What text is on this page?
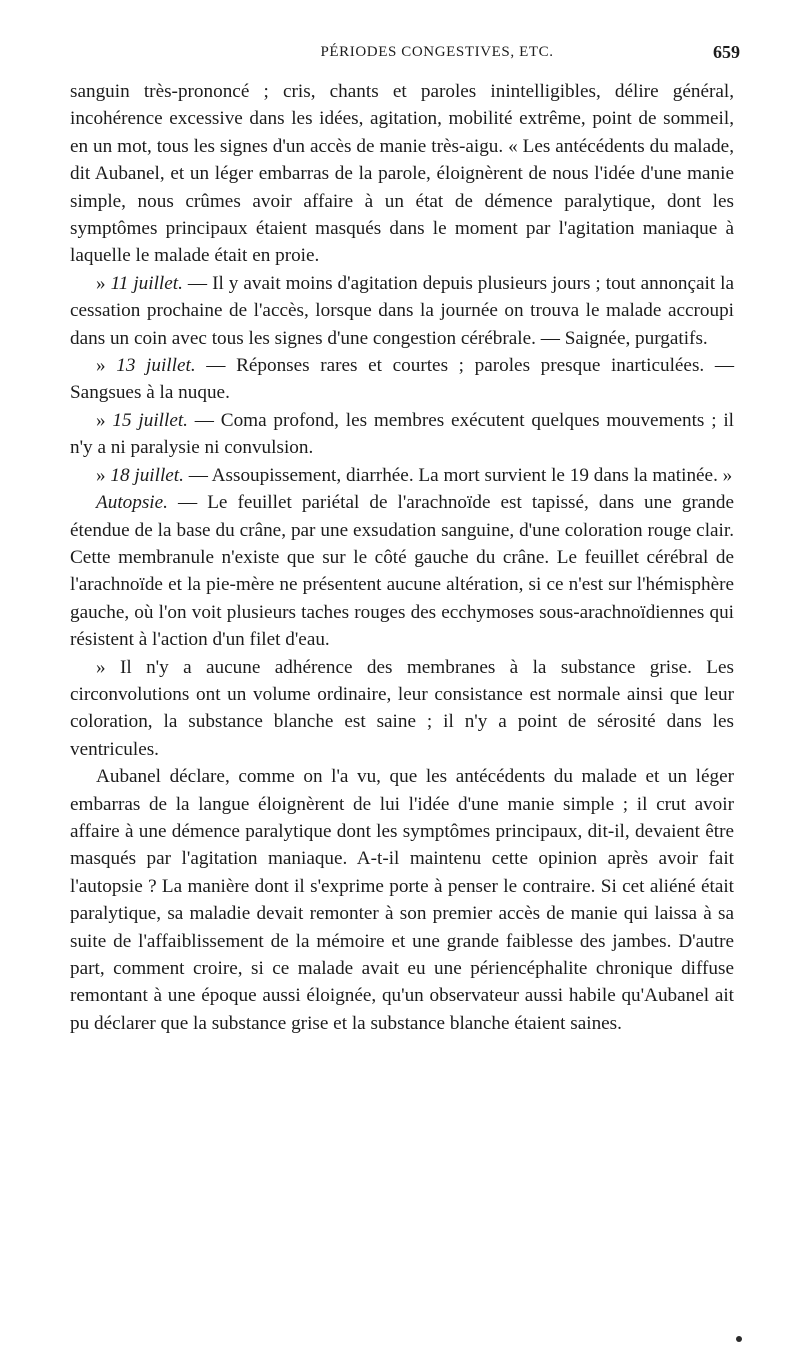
PÉRIODES CONGESTIVES, ETC.	659

sanguin très-prononcé ; cris, chants et paroles inintelligibles, délire général, incohérence excessive dans les idées, agitation, mobilité extrême, point de sommeil, en un mot, tous les signes d'un accès de manie très-aigu. « Les antécédents du malade, dit Aubanel, et un léger embarras de la parole, éloignèrent de nous l'idée d'une manie simple, nous crûmes avoir affaire à un état de démence paralytique, dont les symptômes principaux étaient masqués dans le moment par l'agitation maniaque à laquelle le malade était en proie.

» 11 juillet. — Il y avait moins d'agitation depuis plusieurs jours ; tout annonçait la cessation prochaine de l'accès, lorsque dans la journée on trouva le malade accroupi dans un coin avec tous les signes d'une congestion cérébrale. — Saignée, purgatifs.

» 13 juillet. — Réponses rares et courtes ; paroles presque inarticulées. — Sangsues à la nuque.

» 15 juillet. — Coma profond, les membres exécutent quelques mouvements ; il n'y a ni paralysie ni convulsion.

» 18 juillet. — Assoupissement, diarrhée. La mort survient le 19 dans la matinée. »

Autopsie. — Le feuillet pariétal de l'arachnoïde est tapissé, dans une grande étendue de la base du crâne, par une exsudation sanguine, d'une coloration rouge clair. Cette membranule n'existe que sur le côté gauche du crâne. Le feuillet cérébral de l'arachnoïde et la pie-mère ne présentent aucune altération, si ce n'est sur l'hémisphère gauche, où l'on voit plusieurs taches rouges des ecchymoses sous-arachnoïdiennes qui résistent à l'action d'un filet d'eau.

» Il n'y a aucune adhérence des membranes à la substance grise. Les circonvolutions ont un volume ordinaire, leur consistance est normale ainsi que leur coloration, la substance blanche est saine ; il n'y a point de sérosité dans les ventricules.

Aubanel déclare, comme on l'a vu, que les antécédents du malade et un léger embarras de la langue éloignèrent de lui l'idée d'une manie simple ; il crut avoir affaire à une démence paralytique dont les symptômes principaux, dit-il, devaient être masqués par l'agitation maniaque. A-t-il maintenu cette opinion après avoir fait l'autopsie ? La manière dont il s'exprime porte à penser le contraire. Si cet aliéné était paralytique, sa maladie devait remonter à son premier accès de manie qui laissa à sa suite de l'affaiblissement de la mémoire et une grande faiblesse des jambes. D'autre part, comment croire, si ce malade avait eu une périencéphalite chronique diffuse remontant à une époque aussi éloignée, qu'un observateur aussi habile qu'Aubanel ait pu déclarer que la substance grise et la substance blanche étaient saines.
